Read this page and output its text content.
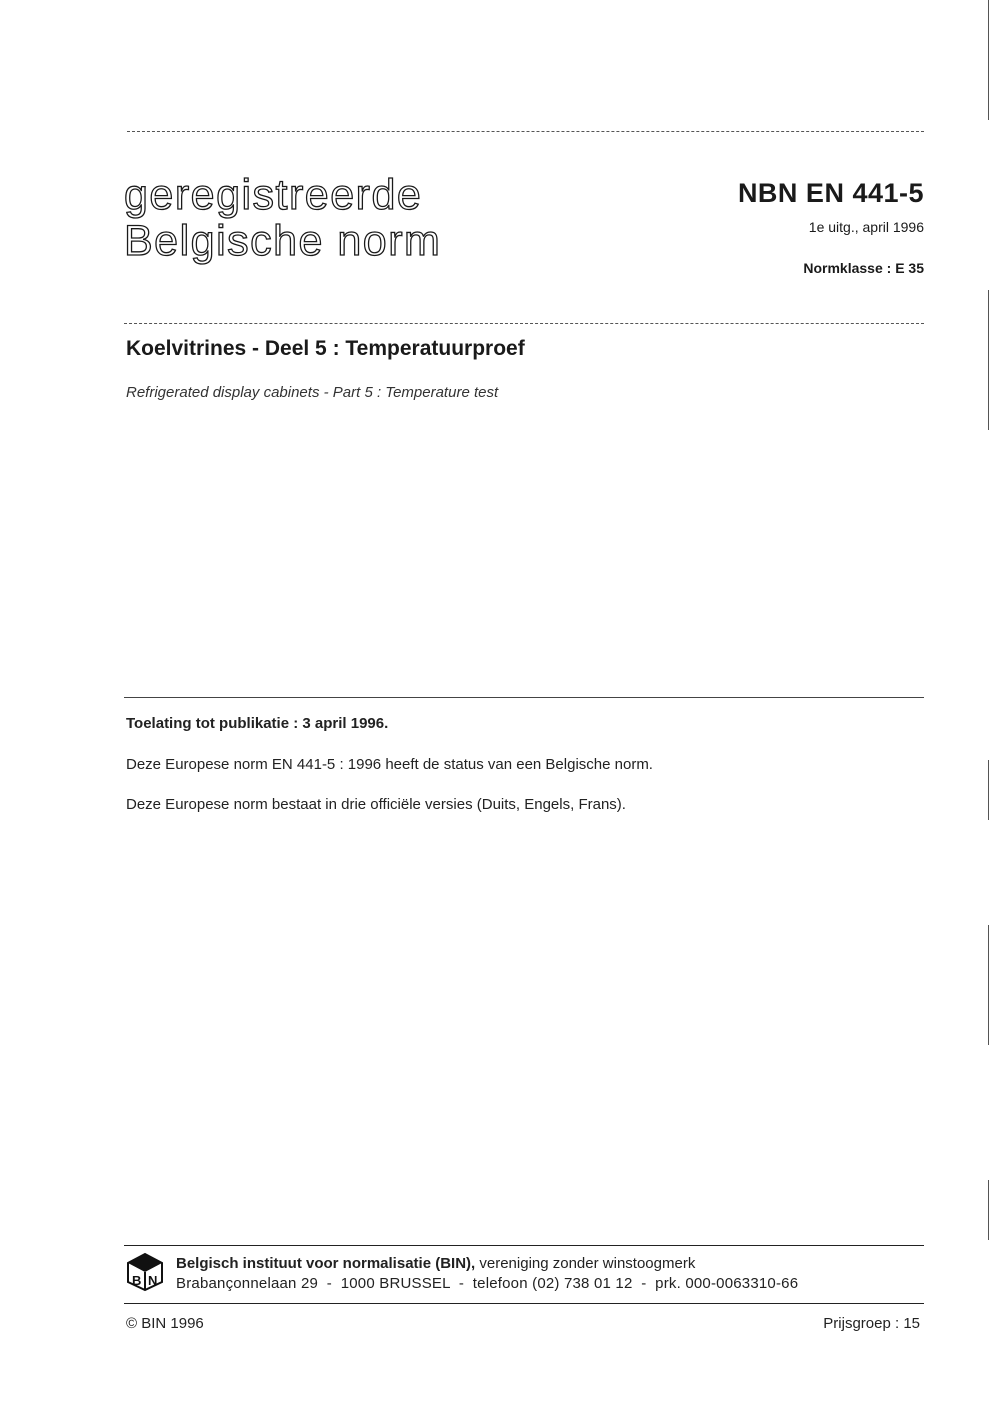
geregistreerde
Belgische norm
NBN EN 441-5
1e uitg., april 1996
Normklasse : E 35
Koelvitrines - Deel 5 : Temperatuurproef
Refrigerated display cabinets - Part 5 : Temperature test
Toelating tot publikatie : 3 april 1996.
Deze Europese norm EN 441-5 : 1996 heeft de status van een Belgische norm.
Deze Europese norm bestaat in drie officiële versies (Duits, Engels, Frans).
B N
Belgisch instituut voor normalisatie (BIN), vereniging zonder winstoogmerk
Brabançonnelaan 29  -  1000 BRUSSEL  -  telefoon (02) 738 01 12  -  prk. 000-0063310-66
© BIN 1996	Prijsgroep : 15
